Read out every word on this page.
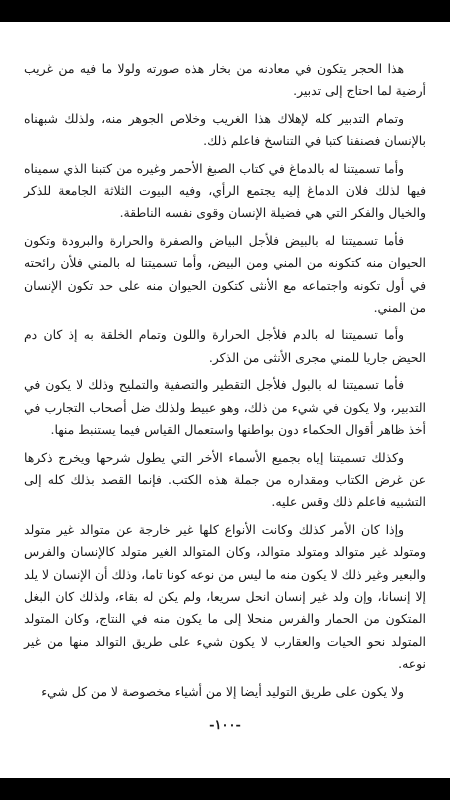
هذا الحجر يتكون في معادنه من بخار هذه صورته ولولا ما فيه من غريب أرضية لما احتاج إلى تدبير.

وتمام التدبير كله لإهلاك هذا الغريب وخلاص الجوهر منه، ولذلك شبهناه بالإنسان فصنفنا كتبا في التناسخ فاعلم ذلك.

وأما تسميتنا له بالدماغ في كتاب الصبغ الأحمر وغيره من كتبنا الذي سميناه فيها لذلك فلان الدماغ إليه يجتمع الرأي، وفيه البيوت الثلاثة الجامعة للذكر والخيال والفكر التي هي فضيلة الإنسان وقوى نفسه الناطقة.

فأما تسميتنا له بالبيض فلأجل البياض والصفرة والحرارة والبرودة وتكون الحيوان منه كتكونه من المني ومن البيض، وأما تسميتنا له بالمني فلأن رائحته في أول تكونه واجتماعه مع الأنثى كتكون الحيوان منه على حد تكون الإنسان من المني.

وأما تسميتنا له بالدم فلأجل الحرارة واللون وتمام الخلقة به إذ كان دم الحيض جاريا للمني مجرى الأنثى من الذكر.

فأما تسميتنا له بالبول فلأجل التقطير والتصفية والتمليح وذلك لا يكون في التدبير، ولا يكون في شيء من ذلك، وهو عبيط ولذلك ضل أصحاب التجارب في أخذ ظاهر أقوال الحكماء دون بواطنها واستعمال القياس فيما يستنبط منها.

وكذلك تسميتنا إياه بجميع الأسماء الأخر التي يطول شرحها ويخرج ذكرها عن غرض الكتاب ومقداره من جملة هذه الكتب. فإنما القصد بذلك كله إلى التشبيه فاعلم ذلك وقس عليه.

وإذا كان الأمر كذلك وكانت الأنواع كلها غير خارجة عن متوالد غير متولد ومتولد غير متوالد ومتولد متوالد، وكان المتوالد الغير متولد كالإنسان والفرس والبعير وغير ذلك لا يكون منه ما ليس من نوعه كونا تاما، وذلك أن الإنسان لا يلد إلا إنسانا، وإن ولد غير إنسان انحل سريعا، ولم يكن له بقاء، ولذلك كان البغل المتكون من الحمار والفرس منحلا إلى ما يكون منه في النتاج، وكان المتولد المتولد نحو الحيات والعقارب لا يكون شيء على طريق التوالد منها من غير نوعه.

ولا يكون على طريق التوليد أيضا إلا من أشياء مخصوصة لا من كل شيء

-١٠٠-
